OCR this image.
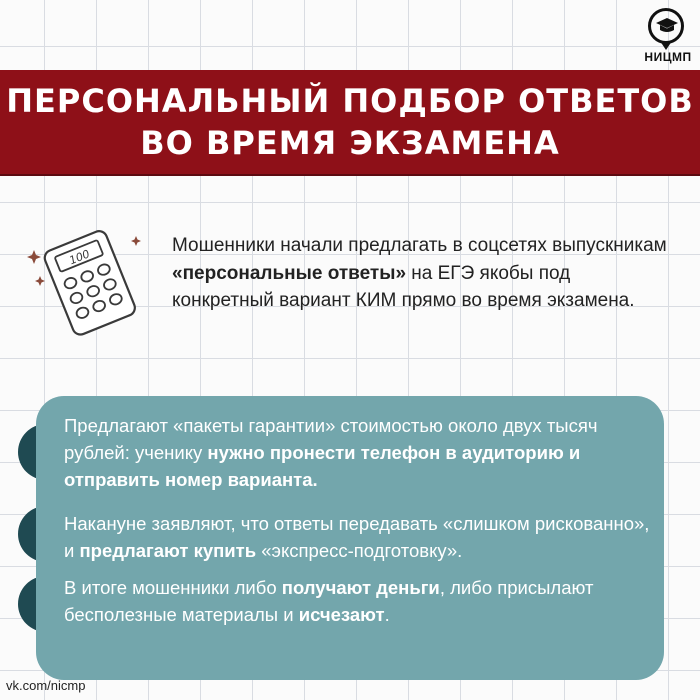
НИЦМП
ПЕРСОНАЛЬНЫЙ ПОДБОР ОТВЕТОВ
ВО ВРЕМЯ ЭКЗАМЕНА
100
Мошенники начали предлагать в соцсетях выпускникам «персональные ответы» на ЕГЭ якобы под конкретный вариант КИМ прямо во время экзамена.
Предлагают «пакеты гарантии» стоимостью около двух тысяч рублей: ученику нужно пронести телефон в аудиторию и отправить номер варианта.
Накануне заявляют, что ответы передавать «слишком рискованно», и предлагают купить «экспресс-подготовку».
В итоге мошенники либо получают деньги, либо присылают бесполезные материалы и исчезают.
vk.com/nicmp
